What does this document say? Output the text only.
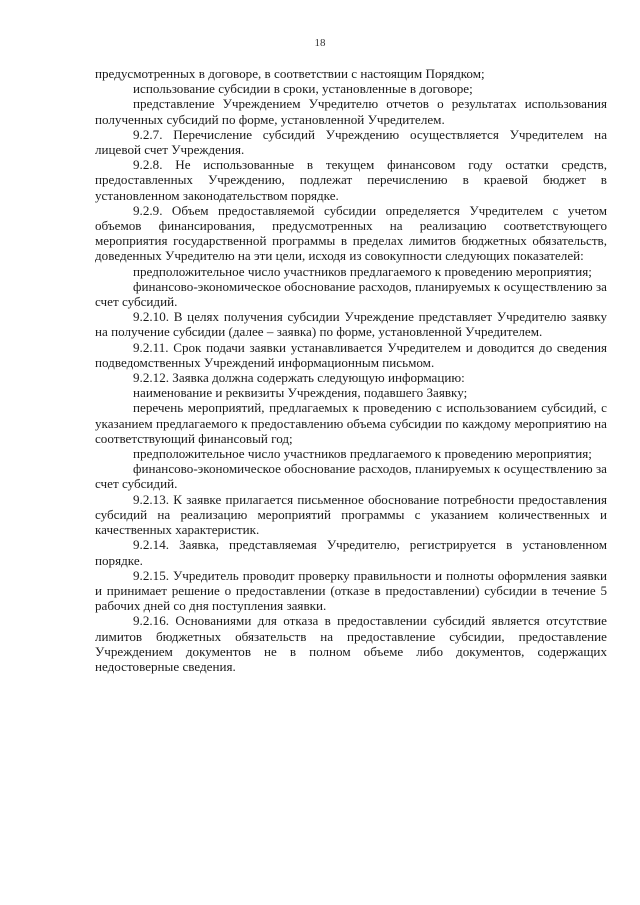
18

предусмотренных в договоре, в соответствии с настоящим Порядком;

использование субсидии в сроки, установленные в договоре;

представление Учреждением Учредителю отчетов о результатах использования полученных субсидий по форме, установленной Учредителем.

9.2.7. Перечисление субсидий Учреждению осуществляется Учредителем на лицевой счет Учреждения.

9.2.8. Не использованные в текущем финансовом году остатки средств, предоставленных Учреждению, подлежат перечислению в краевой бюджет в установленном законодательством порядке.

9.2.9. Объем предоставляемой субсидии определяется Учредителем с учетом объемов финансирования, предусмотренных на реализацию соответствующего мероприятия государственной программы в пределах лимитов бюджетных обязательств, доведенных Учредителю на эти цели, исходя из совокупности следующих показателей:

предположительное число участников предлагаемого к проведению мероприятия;

финансово-экономическое обоснование расходов, планируемых к осуществлению за счет субсидий.

9.2.10. В целях получения субсидии Учреждение представляет Учредителю заявку на получение субсидии (далее – заявка) по форме, установленной Учредителем.

9.2.11. Срок подачи заявки устанавливается Учредителем и доводится до сведения подведомственных Учреждений информационным письмом.

9.2.12. Заявка должна содержать следующую информацию:

наименование и реквизиты Учреждения, подавшего Заявку;

перечень мероприятий, предлагаемых к проведению с использованием субсидий, с указанием предлагаемого к предоставлению объема субсидии по каждому мероприятию на соответствующий финансовый год;

предположительное число участников предлагаемого к проведению мероприятия;

финансово-экономическое обоснование расходов, планируемых к осуществлению за счет субсидий.

9.2.13. К заявке прилагается письменное обоснование потребности предоставления субсидий на реализацию мероприятий программы с указанием количественных и качественных характеристик.

9.2.14. Заявка, представляемая Учредителю, регистрируется в установленном порядке.

9.2.15. Учредитель проводит проверку правильности и полноты оформления заявки и принимает решение о предоставлении (отказе в предоставлении) субсидии в течение 5 рабочих дней со дня поступления заявки.

9.2.16. Основаниями для отказа в предоставлении субсидий является отсутствие лимитов бюджетных обязательств на предоставление субсидии, предоставление Учреждением документов не в полном объеме либо документов, содержащих недостоверные сведения.
